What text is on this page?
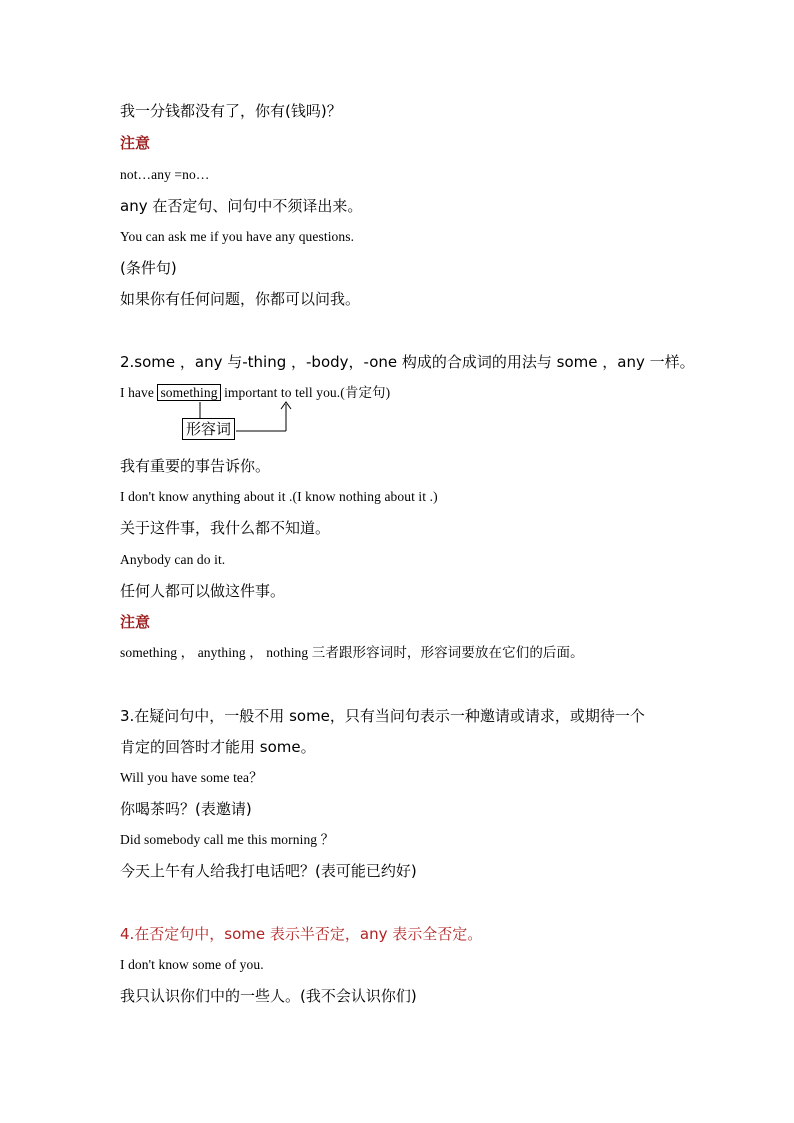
我一分钱都没有了，你有(钱吗)？
注意
not…any =no…
any 在否定句、问句中不须译出来。
You can ask me if you have any questions.
(条件句)
如果你有任何问题，你都可以问我。
2.some ，any 与-thing ，-body，-one 构成的合成词的用法与 some ，any 一样。
I have something important to tell you.(肯定句)
形容词
我有重要的事告诉你。
I don't know anything about it .(I know nothing about it .)
关于这件事，我什么都不知道。
Anybody can do it.
任何人都可以做这件事。
注意
something ， anything ， nothing 三者跟形容词时，形容词要放在它们的后面。
3.在疑问句中，一般不用 some，只有当问句表示一种邀请或请求，或期待一个
肯定的回答时才能用 some。
Will you have some tea？
你喝茶吗？(表邀请)
Did somebody call me this morning ？
今天上午有人给我打电话吧？(表可能已约好)
4.在否定句中，some 表示半否定，any 表示全否定。
I don't know some of you.
我只认识你们中的一些人。(我不会认识你们)
